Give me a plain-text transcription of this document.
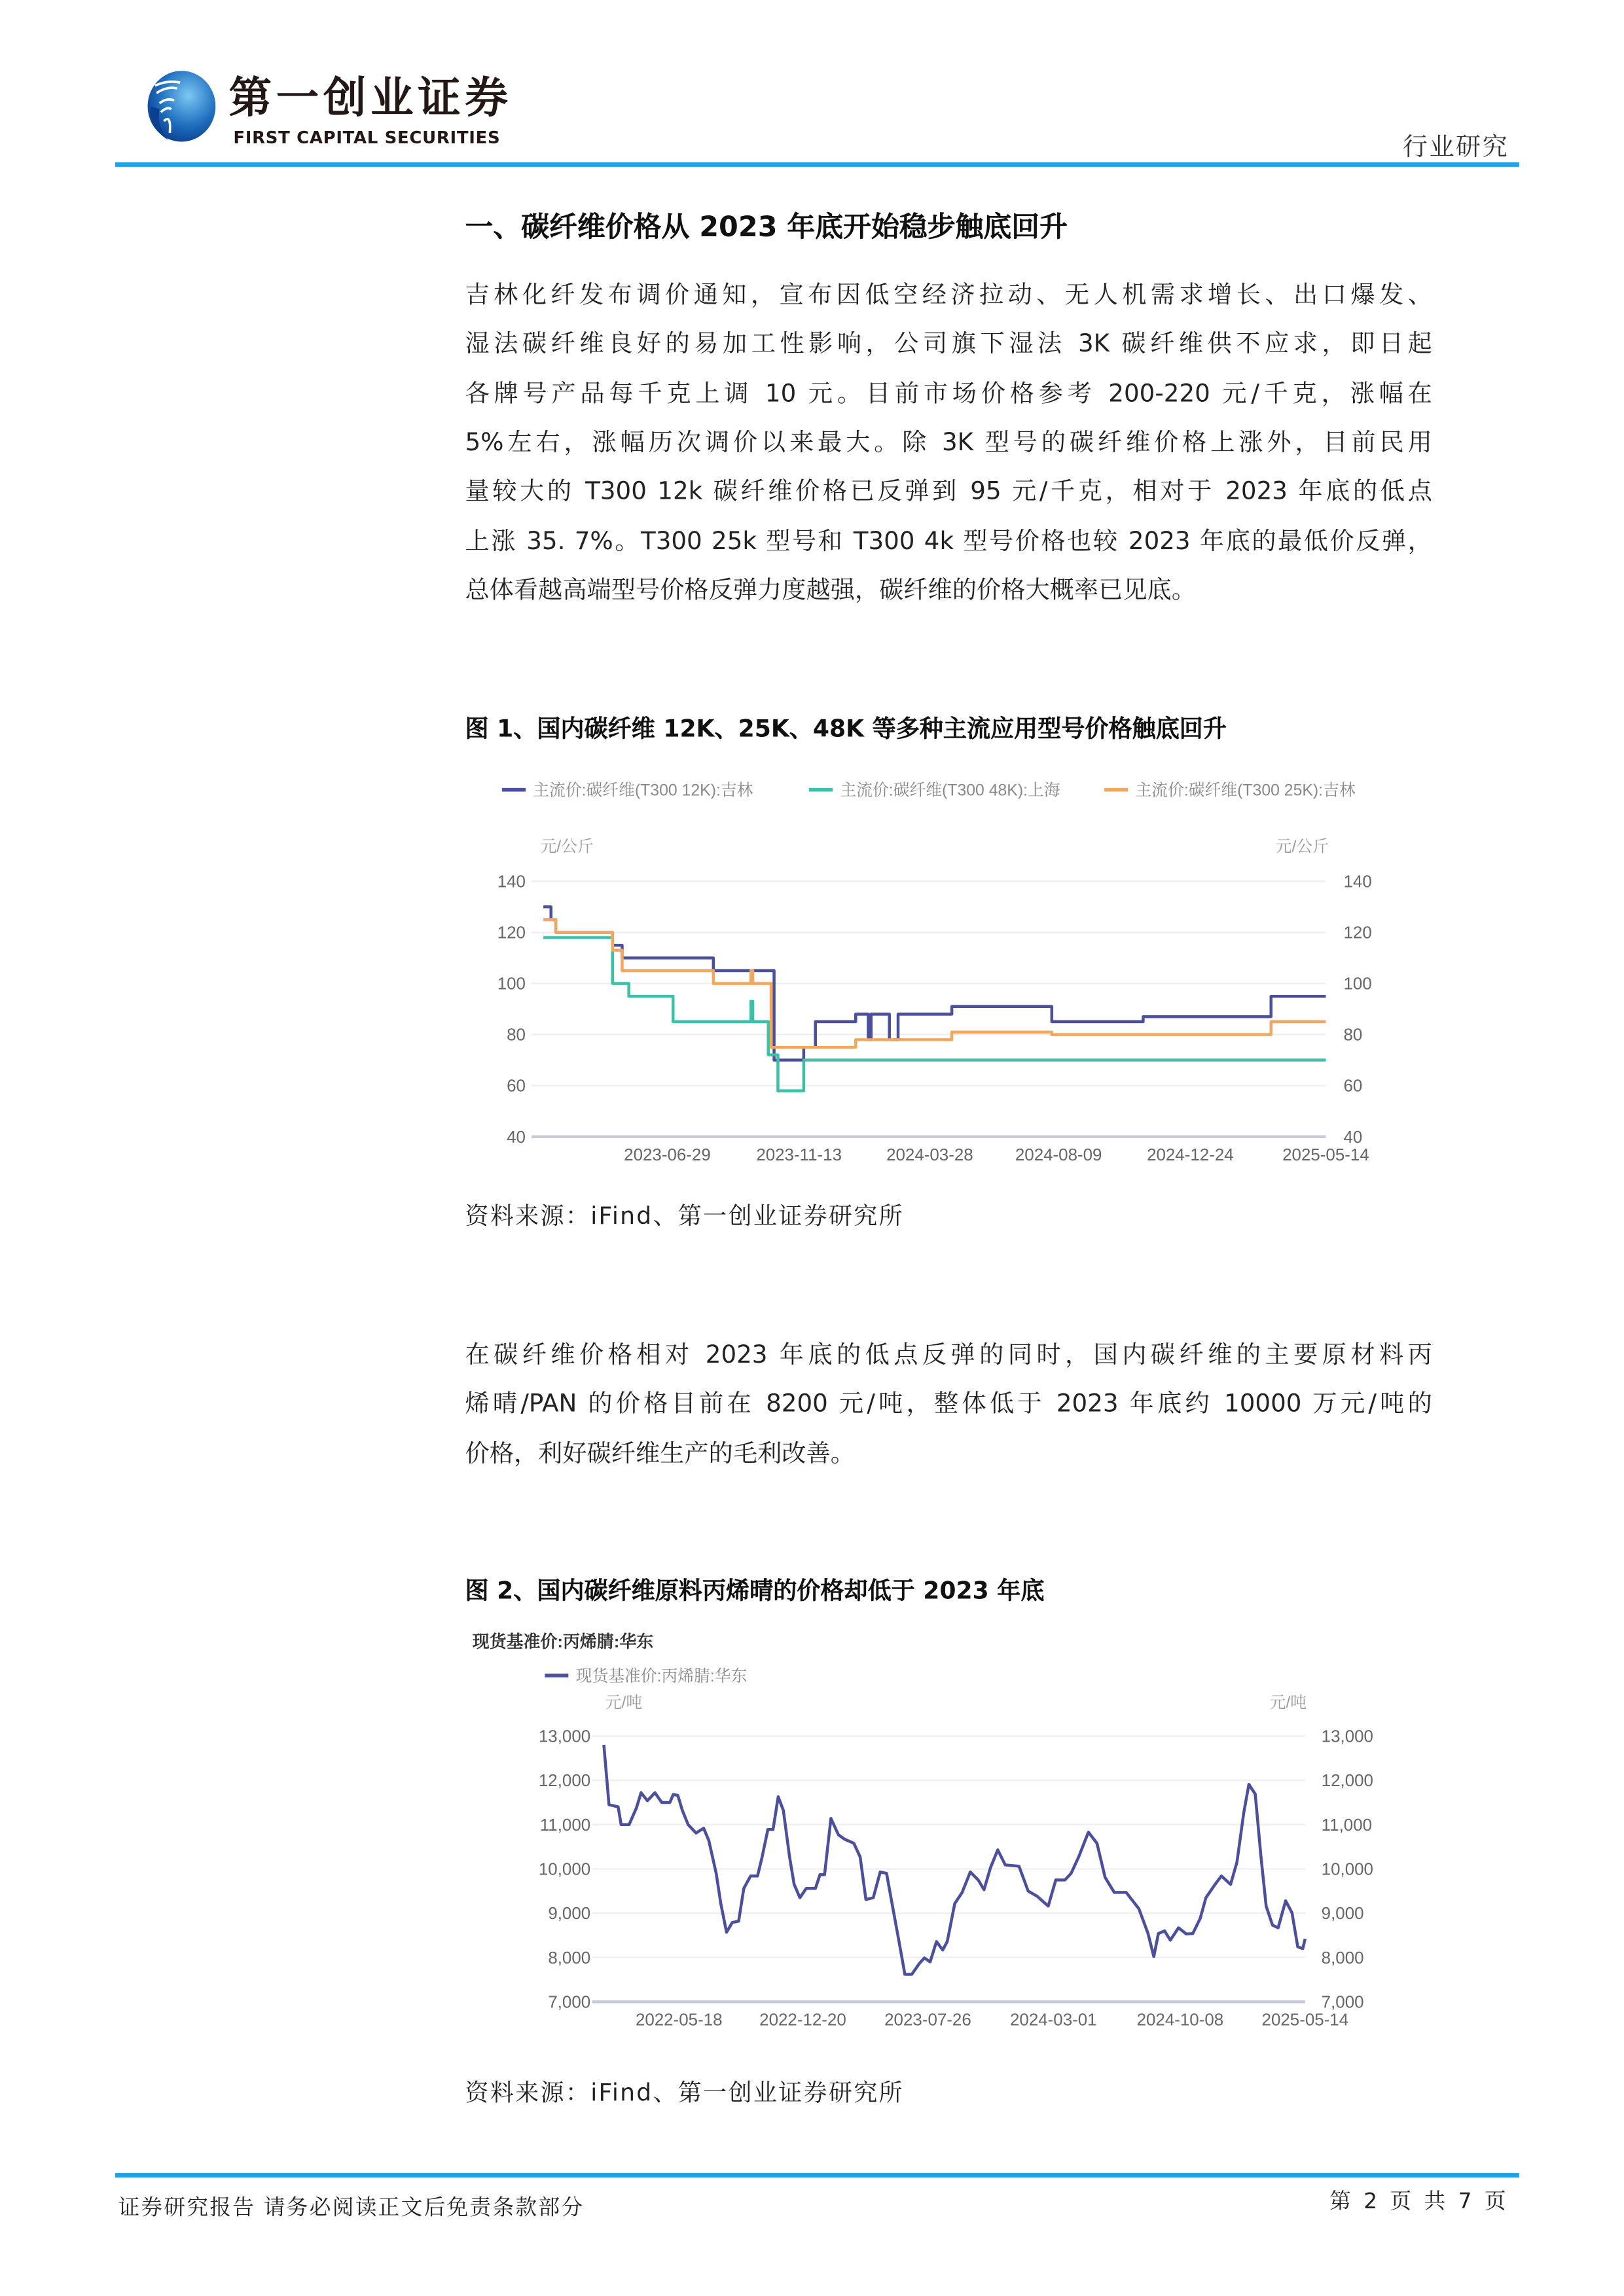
第一创业证券
FIRST CAPITAL SECURITIES	行业研究
一、碳纤维价格从 2023 年底开始稳步触底回升
吉林化纤发布调价通知，宣布因低空经济拉动、无人机需求增长、出口爆发、
湿法碳纤维良好的易加工性影响，公司旗下湿法 3K 碳纤维供不应求，即日起
各牌号产品每千克上调 10 元。目前市场价格参考 200-220 元/千克，涨幅在
5%左右，涨幅历次调价以来最大。除 3K 型号的碳纤维价格上涨外，目前民用
量较大的 T300 12k 碳纤维价格已反弹到 95 元/千克，相对于 2023 年底的低点
上涨 35. 7%。T300 25k 型号和 T300 4k 型号价格也较 2023 年底的最低价反弹，
总体看越高端型号价格反弹力度越强，碳纤维的价格大概率已见底。
图 1、国内碳纤维 12K、25K、48K 等多种主流应用型号价格触底回升
140	140
120	120
100	100
80	80
60	60
40	40
元/公斤	元/公斤
2023-06-29	2023-11-13	2024-03-28	2024-08-09	2024-12-24	2025-05-14
主流价:碳纤维(T300 12K):吉林	主流价:碳纤维(T300 48K):上海	主流价:碳纤维(T300 25K):吉林
资料来源：iFind、第一创业证券研究所
在碳纤维价格相对 2023 年底的低点反弹的同时，国内碳纤维的主要原材料丙
烯晴/PAN 的价格目前在 8200 元/吨，整体低于 2023 年底约 10000 万元/吨的
价格，利好碳纤维生产的毛利改善。
图 2、国内碳纤维原料丙烯晴的价格却低于 2023 年底
13,000	13,000
12,000	12,000
11,000	11,000
10,000	10,000
9,000	9,000
8,000	8,000
7,000	7,000
元/吨	元/吨
2022-05-18	2022-12-20	2023-07-26	2024-03-01	2024-10-08	2025-05-14
现货基准价:丙烯腈:华东
现货基准价:丙烯腈:华东
资料来源：iFind、第一创业证券研究所
证券研究报告 请务必阅读正文后免责条款部分	第 2 页 共 7 页
